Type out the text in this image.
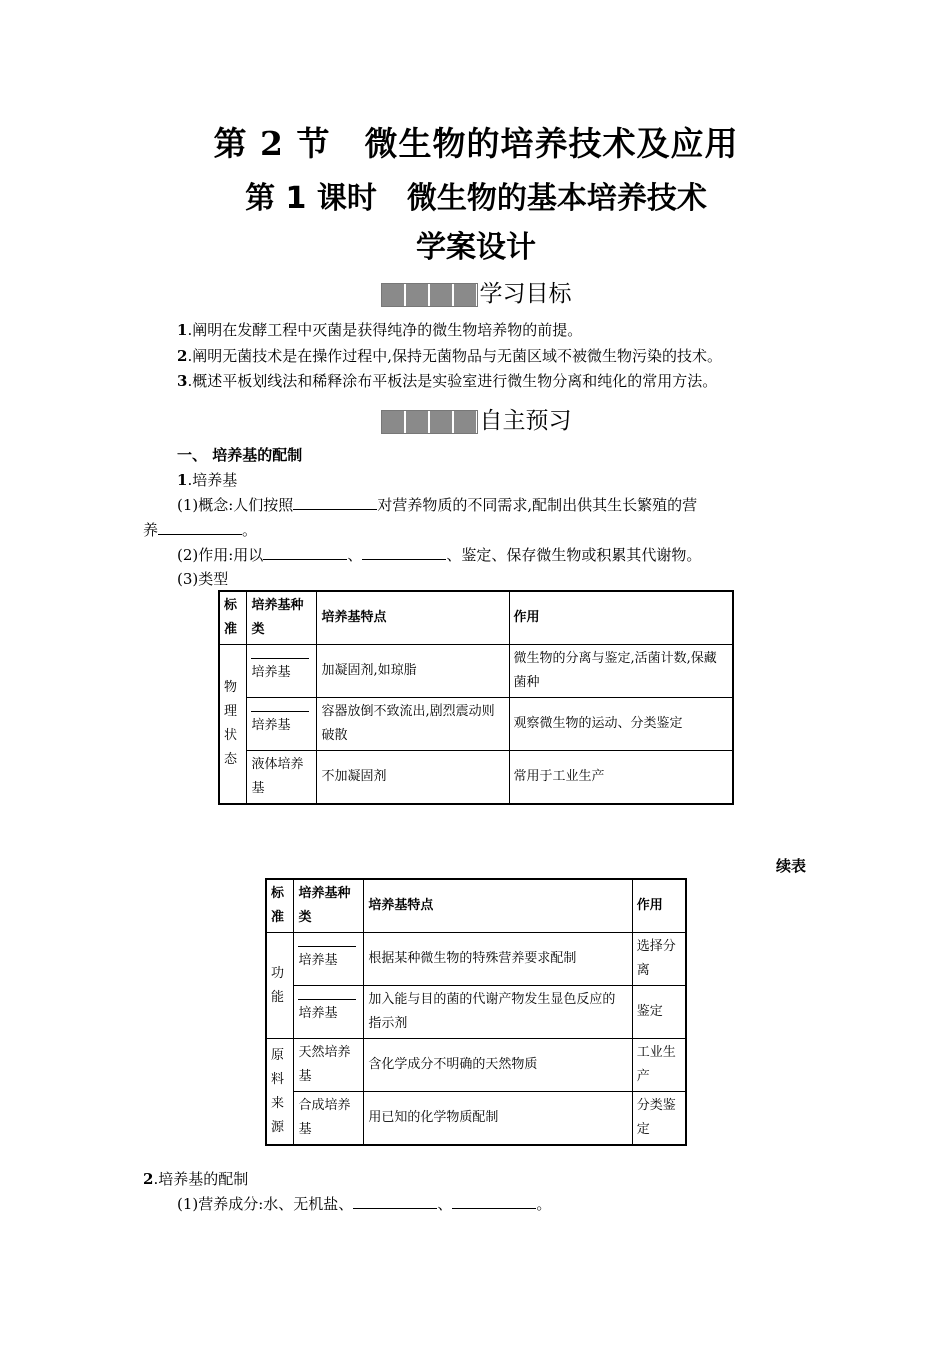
第 2 节　微生物的培养技术及应用
第 1 课时　微生物的基本培养技术
学案设计
学习目标
1.阐明在发酵工程中灭菌是获得纯净的微生物培养物的前提。
2.阐明无菌技术是在操作过程中,保持无菌物品与无菌区域不被微生物污染的技术。
3.概述平板划线法和稀释涂布平板法是实验室进行微生物分离和纯化的常用方法。
自主预习
一、 培养基的配制
1.培养基
(1)概念:人们按照	对营养物质的不同需求,配制出供其生长繁殖的营
养	。
(2)作用:用以	、	、鉴定、保存微生物或积累其代谢物。
(3)类型
标准	培养基种类	培养基特点	作用
物理状态	培养基	加凝固剂,如琼脂	微生物的分离与鉴定,活菌计数,保藏菌种

培养基	容器放倒不致流出,剧烈震动则破散	观察微生物的运动、分类鉴定
	液体培养基	不加凝固剂	常用于工业生产
续表
标准	培养基种类	培养基特点	作用
功能	培养基	根据某种微生物的特殊营养要求配制	选择分离

培养基	加入能与目的菌的代谢产物发生显色反应的指示剂	鉴定
原料来源	天然培养基	含化学成分不明确的天然物质	工业生产
	合成培养基	用已知的化学物质配制	分类鉴定
2.培养基的配制
(1)营养成分:水、无机盐、	、	。
